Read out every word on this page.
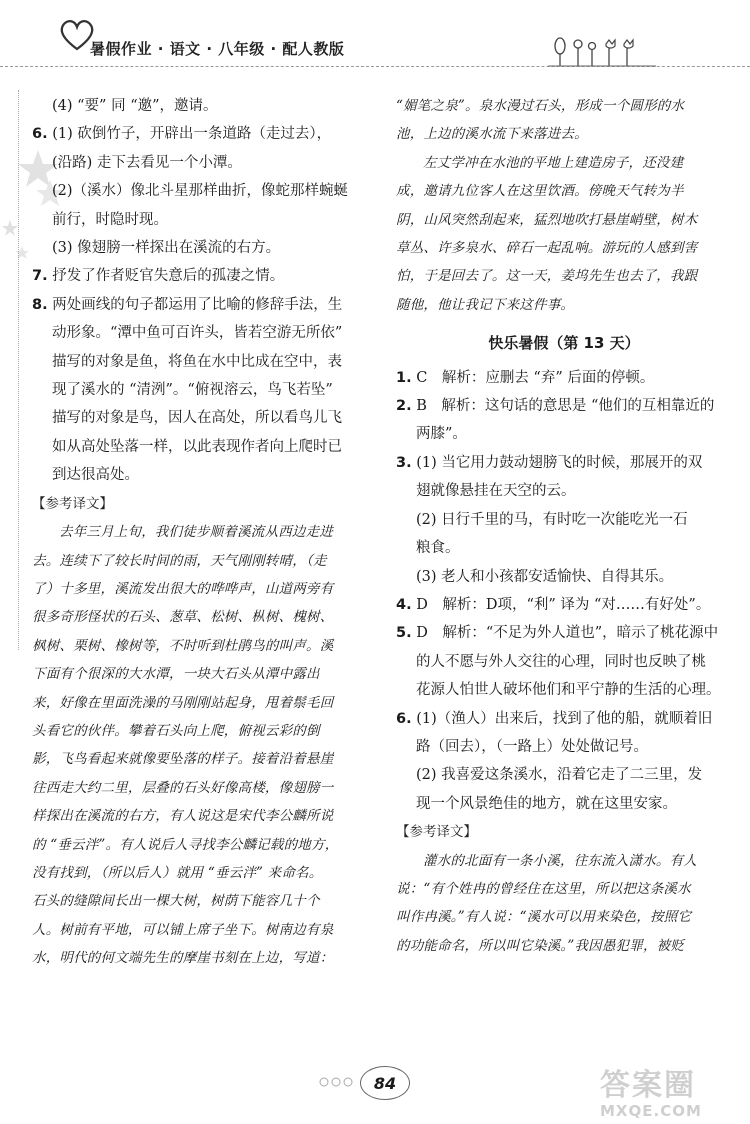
暑假作业 · 语文 · 八年级 · 配人教版

(4) “要” 同 “邀”，邀请。

6. (1) 砍倒竹子，开辟出一条道路（走过去），

(沿路) 走下去看见一个小潭。

(2)（溪水）像北斗星那样曲折，像蛇那样蜿蜒

前行，时隐时现。

(3) 像翅膀一样探出在溪流的右方。

7. 抒发了作者贬官失意后的孤凄之情。

8. 两处画线的句子都运用了比喻的修辞手法，生

动形象。“潭中鱼可百许头，皆若空游无所依”

描写的对象是鱼，将鱼在水中比成在空中，表

现了溪水的 “清洌”。“俯视溶云，鸟飞若坠”

描写的对象是鸟，因人在高处，所以看鸟儿飞

如从高处坠落一样，以此表现作者向上爬时已

到达很高处。

【参考译文】

去年三月上旬，我们徒步顺着溪流从西边走进

去。连续下了较长时间的雨，天气刚刚转晴，（走

了）十多里，溪流发出很大的哗哗声，山道两旁有

很多奇形怪状的石头、葱草、松树、枞树、槐树、

枫树、栗树、橡树等，不时听到杜鹃鸟的叫声。溪

下面有个很深的大水潭，一块大石头从潭中露出

来，好像在里面洗澡的马刚刚站起身，甩着鬃毛回

头看它的伙伴。攀着石头向上爬，俯视云彩的倒

影，飞鸟看起来就像要坠落的样子。接着沿着悬崖

往西走大约二里，层叠的石头好像高楼，像翅膀一

样探出在溪流的右方，有人说这是宋代李公麟所说

的 “垂云泮”。有人说后人寻找李公麟记载的地方，

没有找到，（所以后人）就用 “垂云泮” 来命名。

石头的缝隙间长出一棵大树，树荫下能容几十个

人。树前有平地，可以铺上席子坐下。树南边有泉

水，明代的何文端先生的摩崖书刻在上边，写道：

“媚笔之泉”。泉水漫过石头，形成一个圆形的水

池，上边的溪水流下来落进去。

左丈学冲在水池的平地上建造房子，还没建

成，邀请九位客人在这里饮酒。傍晚天气转为半

阴，山风突然刮起来，猛烈地吹打悬崖峭壁，树木

草丛、许多泉水、碎石一起乱响。游玩的人感到害

怕，于是回去了。这一天，姜坞先生也去了，我跟

随他，他让我记下来这件事。

快乐暑假（第 13 天）

1. C　解析：应删去 “弃” 后面的停顿。

2. B　解析：这句话的意思是 “他们的互相靠近的

两膝”。

3. (1) 当它用力鼓动翅膀飞的时候，那展开的双

翅就像悬挂在天空的云。

(2) 日行千里的马，有时吃一次能吃光一石

粮食。

(3) 老人和小孩都安适愉快、自得其乐。

4. D　解析：D项，“利” 译为 “对……有好处”。

5. D　解析：“不足为外人道也”，暗示了桃花源中

的人不愿与外人交往的心理，同时也反映了桃

花源人怕世人破坏他们和平宁静的生活的心理。

6. (1)（渔人）出来后，找到了他的船，就顺着旧

路（回去），（一路上）处处做记号。

(2) 我喜爱这条溪水，沿着它走了二三里，发

现一个风景绝佳的地方，就在这里安家。

【参考译文】

灌水的北面有一条小溪，往东流入潇水。有人

说：“有个姓冉的曾经住在这里，所以把这条溪水

叫作冉溪。”有人说：“溪水可以用来染色，按照它

的功能命名，所以叫它染溪。”我因愚犯罪，被贬

84	答案圈
MXQE.COM
